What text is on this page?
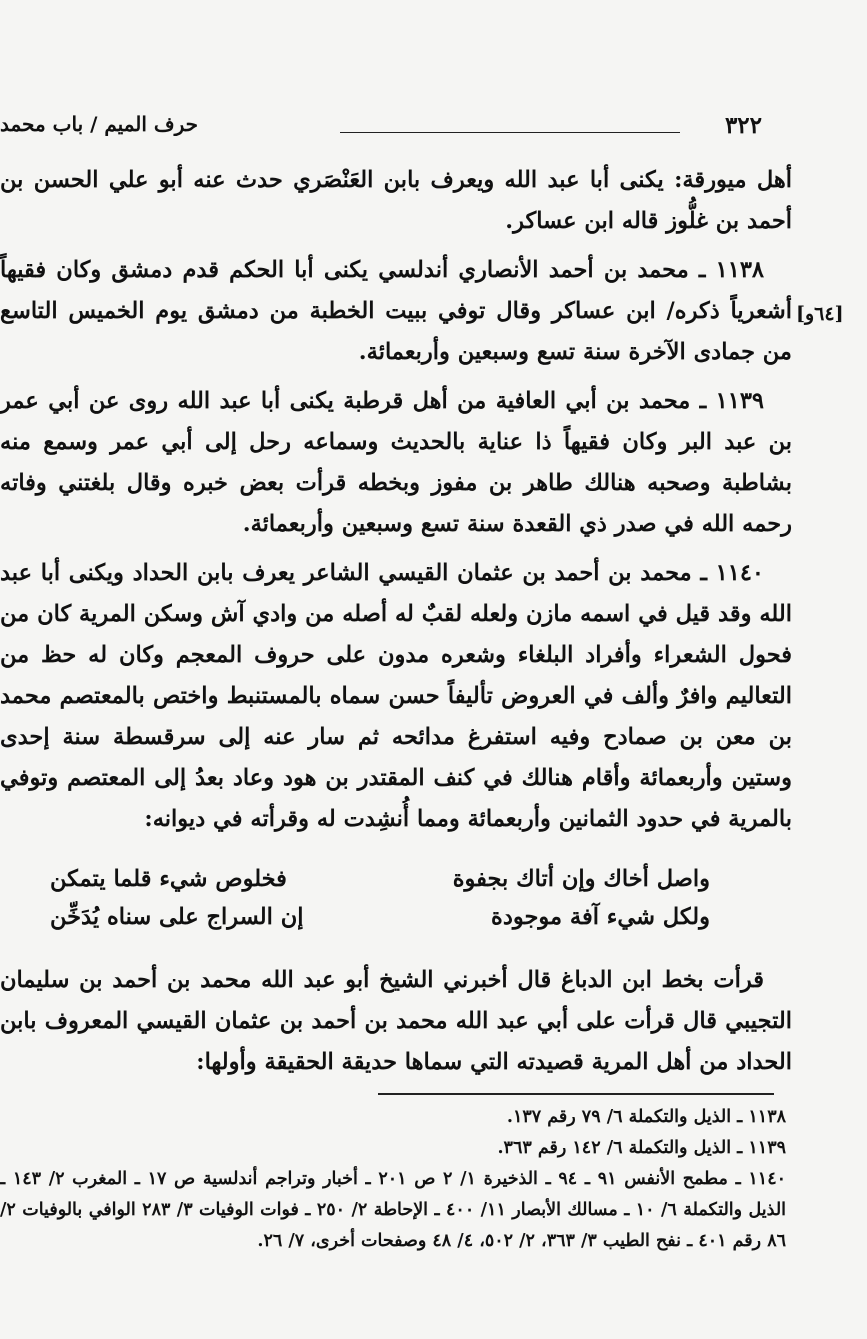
٣٢٢
حرف الميم / باب محمد
[٦٤و]

أهل ميورقة: يكنى أبا عبد الله ويعرف بابن العَنْصَري حدث عنه أبو علي الحسن بن أحمد بن غلُّوز قاله ابن عساكر.

١١٣٨ ـ محمد بن أحمد الأنصاري أندلسي يكنى أبا الحكم قدم دمشق وكان فقيهاً أشعرياً ذكره/ ابن عساكر وقال توفي ببيت الخطبة من دمشق يوم الخميس التاسع من جمادى الآخرة سنة تسع وسبعين وأربعمائة.

١١٣٩ ـ محمد بن أبي العافية من أهل قرطبة يكنى أبا عبد الله روى عن أبي عمر بن عبد البر وكان فقيهاً ذا عناية بالحديث وسماعه رحل إلى أبي عمر وسمع منه بشاطبة وصحبه هنالك طاهر بن مفوز وبخطه قرأت بعض خبره وقال بلغتني وفاته رحمه الله في صدر ذي القعدة سنة تسع وسبعين وأربعمائة.

١١٤٠ ـ محمد بن أحمد بن عثمان القيسي الشاعر يعرف بابن الحداد ويكنى أبا عبد الله وقد قيل في اسمه مازن ولعله لقبٌ له أصله من وادي آش وسكن المرية كان من فحول الشعراء وأفراد البلغاء وشعره مدون على حروف المعجم وكان له حظ من التعاليم وافرٌ وألف في العروض تأليفاً حسن سماه بالمستنبط واختص بالمعتصم محمد بن معن بن صمادح وفيه استفرغ مدائحه ثم سار عنه إلى سرقسطة سنة إحدى وستين وأربعمائة وأقام هنالك في كنف المقتدر بن هود وعاد بعدُ إلى المعتصم وتوفي بالمرية في حدود الثمانين وأربعمائة ومما أُنشِدت له وقرأته في ديوانه:

واصل أخاك وإن أتاك بجفوة
فخلوص شيء قلما يتمكن
ولكل شيء آفة موجودة
إن السراج على سناه يُدَخِّن

قرأت بخط ابن الدباغ قال أخبرني الشيخ أبو عبد الله محمد بن أحمد بن سليمان التجيبي قال قرأت على أبي عبد الله محمد بن أحمد بن عثمان القيسي المعروف بابن الحداد من أهل المرية قصيدته التي سماها حديقة الحقيقة وأولها:

١١٣٨ ـ الذيل والتكملة ٦/ ٧٩ رقم ١٣٧.

١١٣٩ ـ الذيل والتكملة ٦/ ١٤٢ رقم ٣٦٣.

١١٤٠ ـ مطمح الأنفس ٩١ ـ ٩٤ ـ الذخيرة ١/ ٢ ص ٢٠١ ـ أخبار وتراجم أندلسية ص ١٧ ـ المغرب ٢/ ١٤٣ ـ الذيل والتكملة ٦/ ١٠ ـ مسالك الأبصار ١١/ ٤٠٠ ـ الإحاطة ٢/ ٢٥٠ ـ فوات الوفيات ٣/ ٢٨٣ الوافي بالوفيات ٢/ ٨٦ رقم ٤٠١ ـ نفح الطيب ٣/ ٣٦٣، ٢/ ٥٠٢، ٤/ ٤٨ وصفحات أخرى، ٧/ ٢٦.
